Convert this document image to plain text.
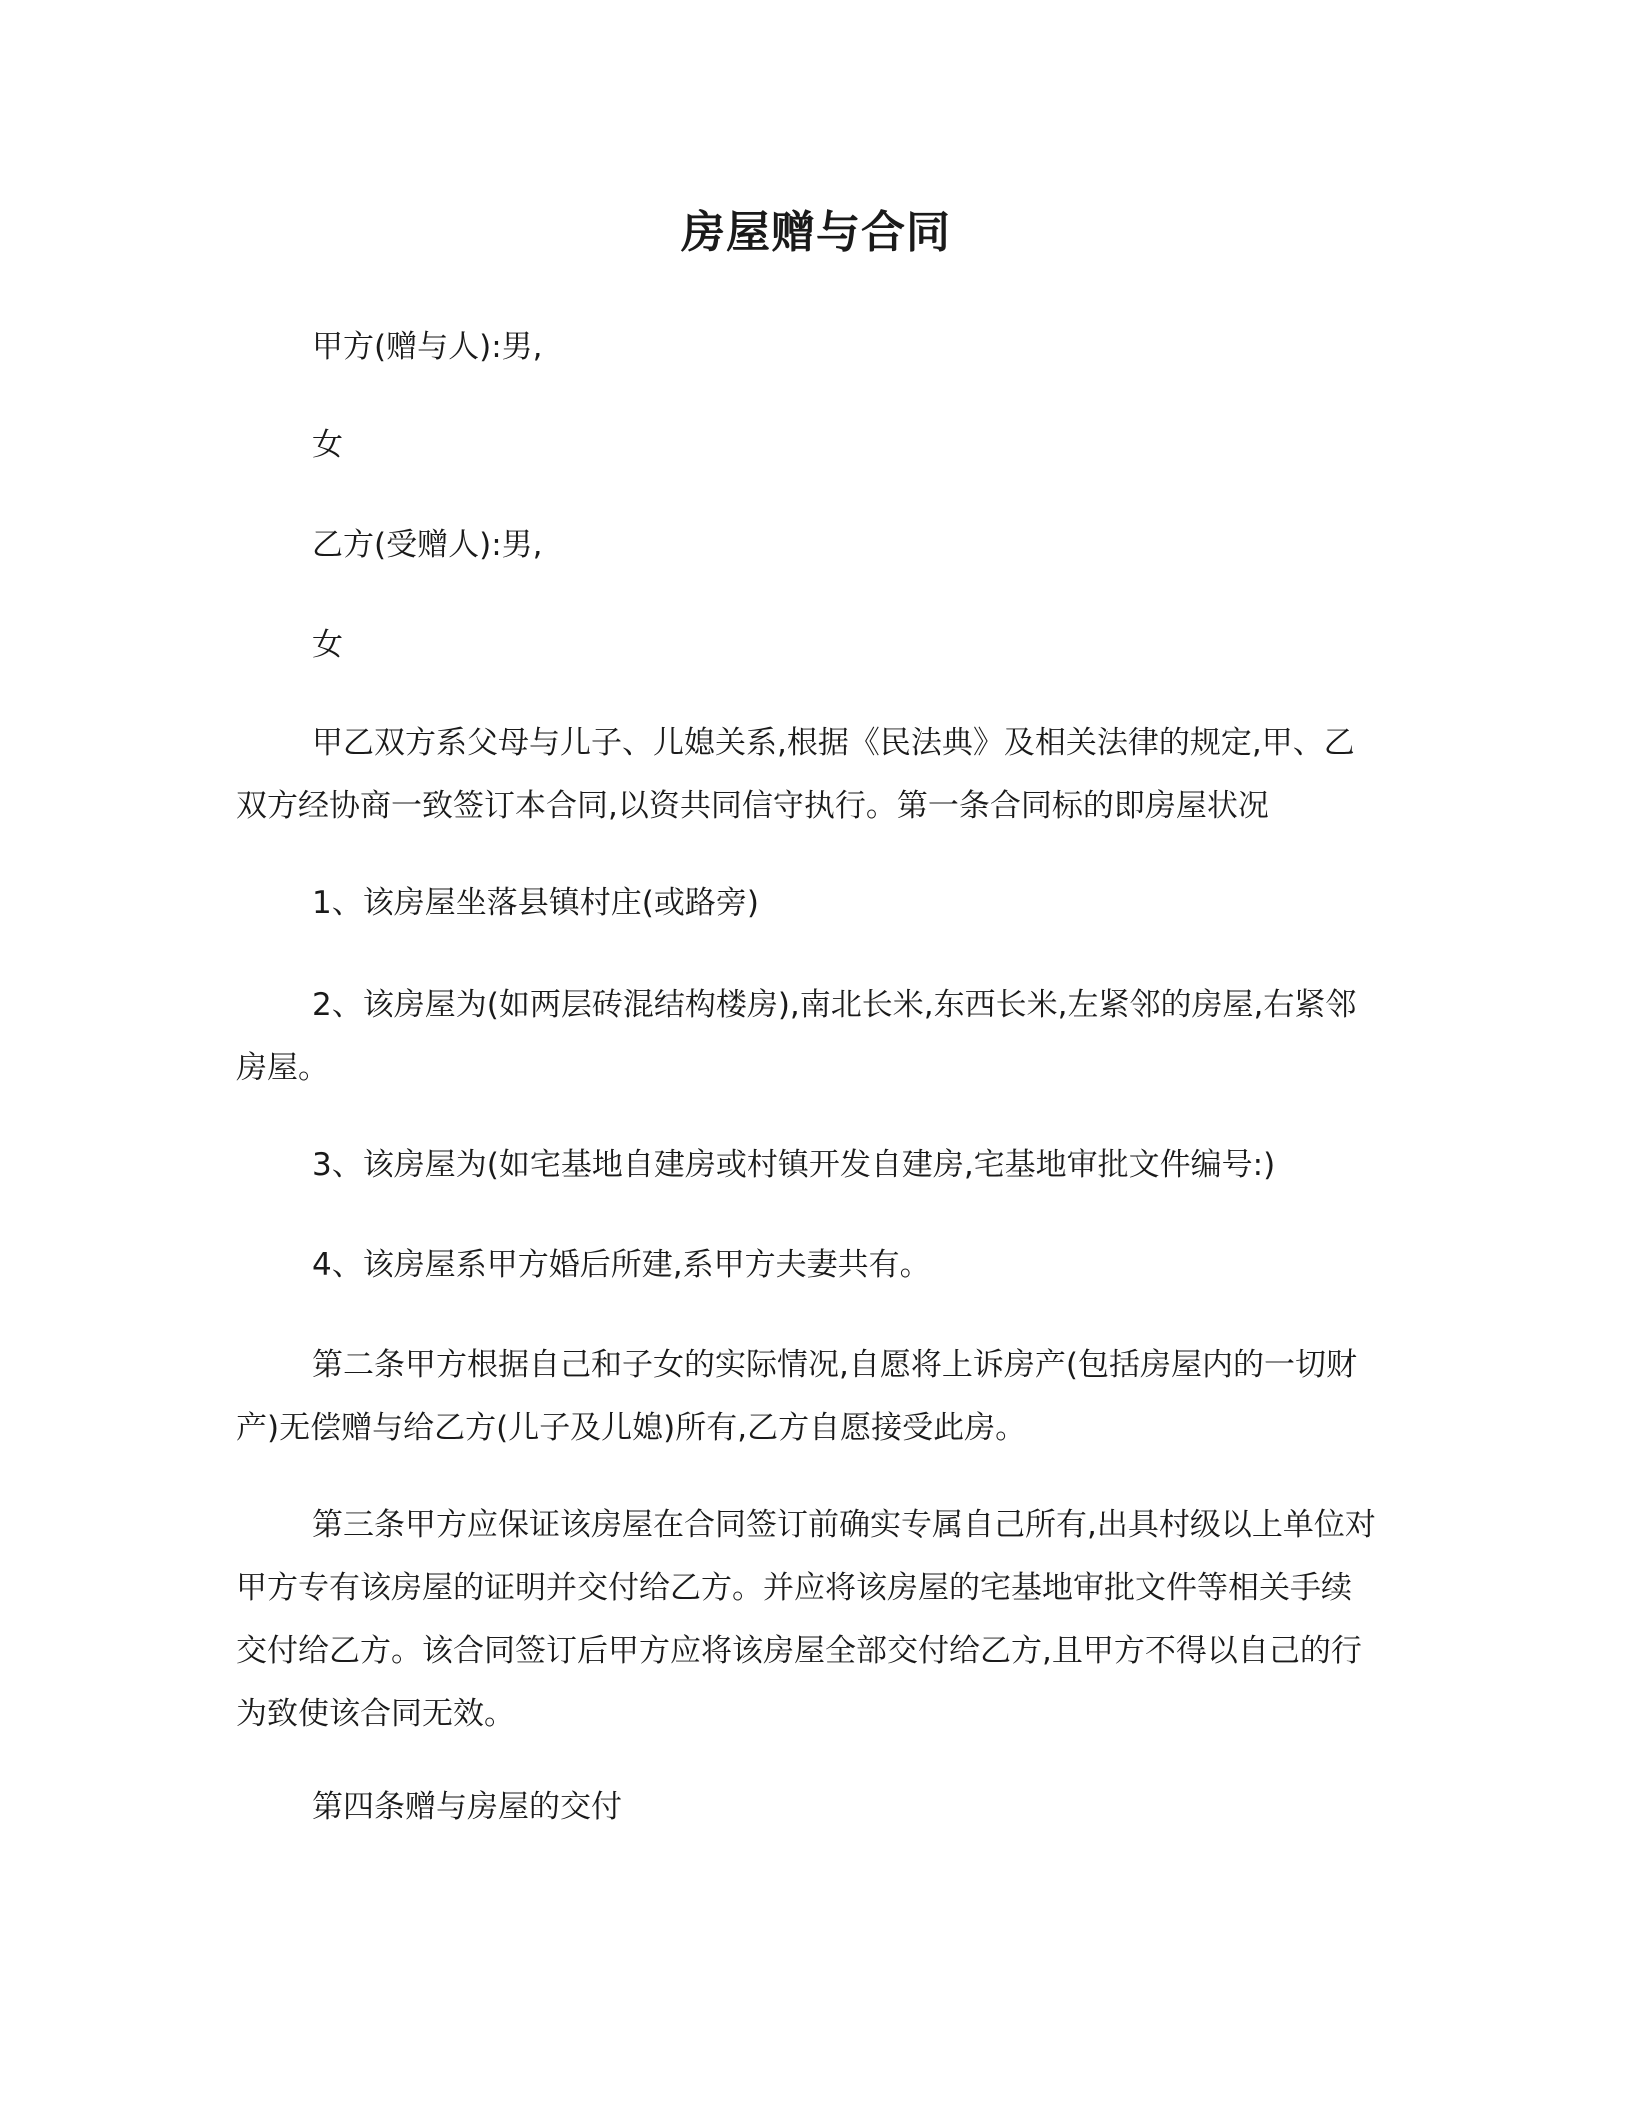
房屋赠与合同
甲方(赠与人):男,
女
乙方(受赠人):男,
女
甲乙双方系父母与儿子、儿媳关系,根据《民法典》及相关法律的规定,甲、乙双方经协商一致签订本合同,以资共同信守执行。第一条合同标的即房屋状况
1、该房屋坐落县镇村庄(或路旁)
2、该房屋为(如两层砖混结构楼房),南北长米,东西长米,左紧邻的房屋,右紧邻房屋。
3、该房屋为(如宅基地自建房或村镇开发自建房,宅基地审批文件编号:)
4、该房屋系甲方婚后所建,系甲方夫妻共有。
第二条甲方根据自己和子女的实际情况,自愿将上诉房产(包括房屋内的一切财产)无偿赠与给乙方(儿子及儿媳)所有,乙方自愿接受此房。
第三条甲方应保证该房屋在合同签订前确实专属自己所有,出具村级以上单位对甲方专有该房屋的证明并交付给乙方。并应将该房屋的宅基地审批文件等相关手续交付给乙方。该合同签订后甲方应将该房屋全部交付给乙方,且甲方不得以自己的行为致使该合同无效。
第四条赠与房屋的交付
